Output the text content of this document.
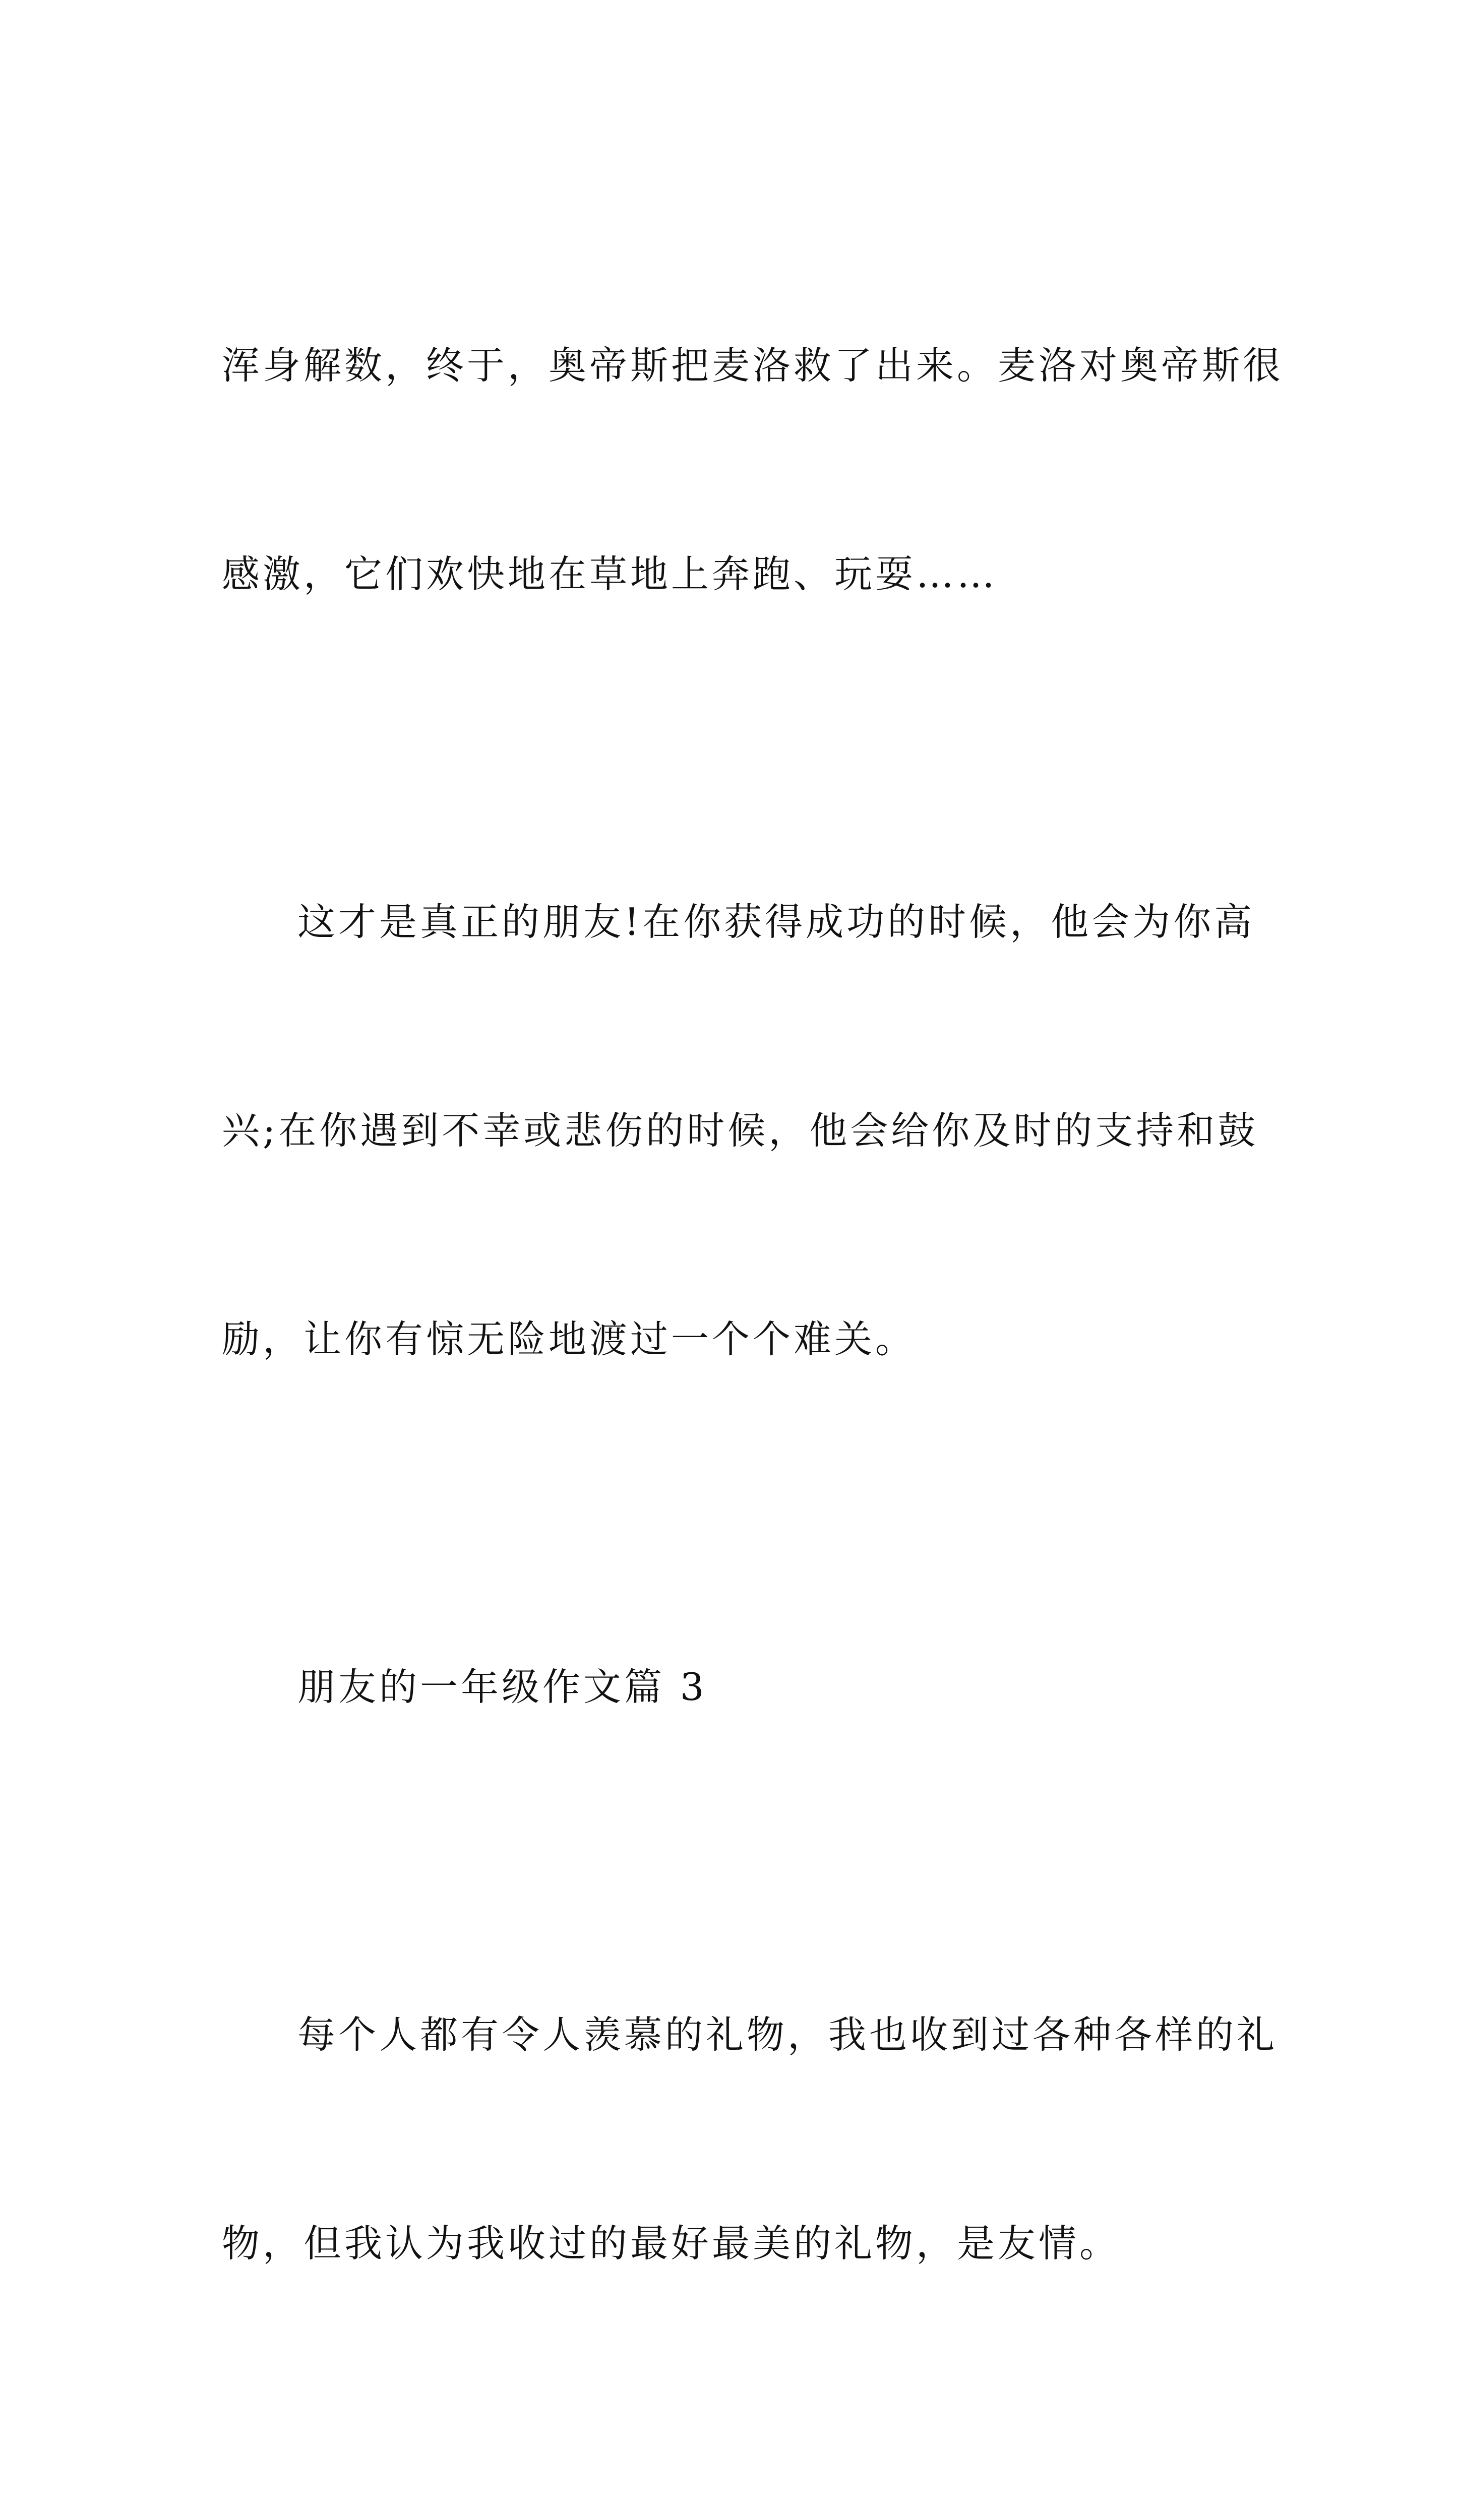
浑身解数，终于，奥帝斯把麦洛救了出来。麦洛对奥帝斯很

感激，它们欢快地在草地上奔跑、玩耍……

这才是真正的朋友!在你获得成功的时候，他会为你高

兴;在你遇到不幸或悲伤的时候，他会给你及时的支持和鼓

励，让你有惊无险地渡过一个个难关。

朋友的一年级作文篇 3

每个人都有令人羡慕的礼物，我也收到过各种各样的礼

物，但我认为我收过的最好最美的礼物，是友情。
